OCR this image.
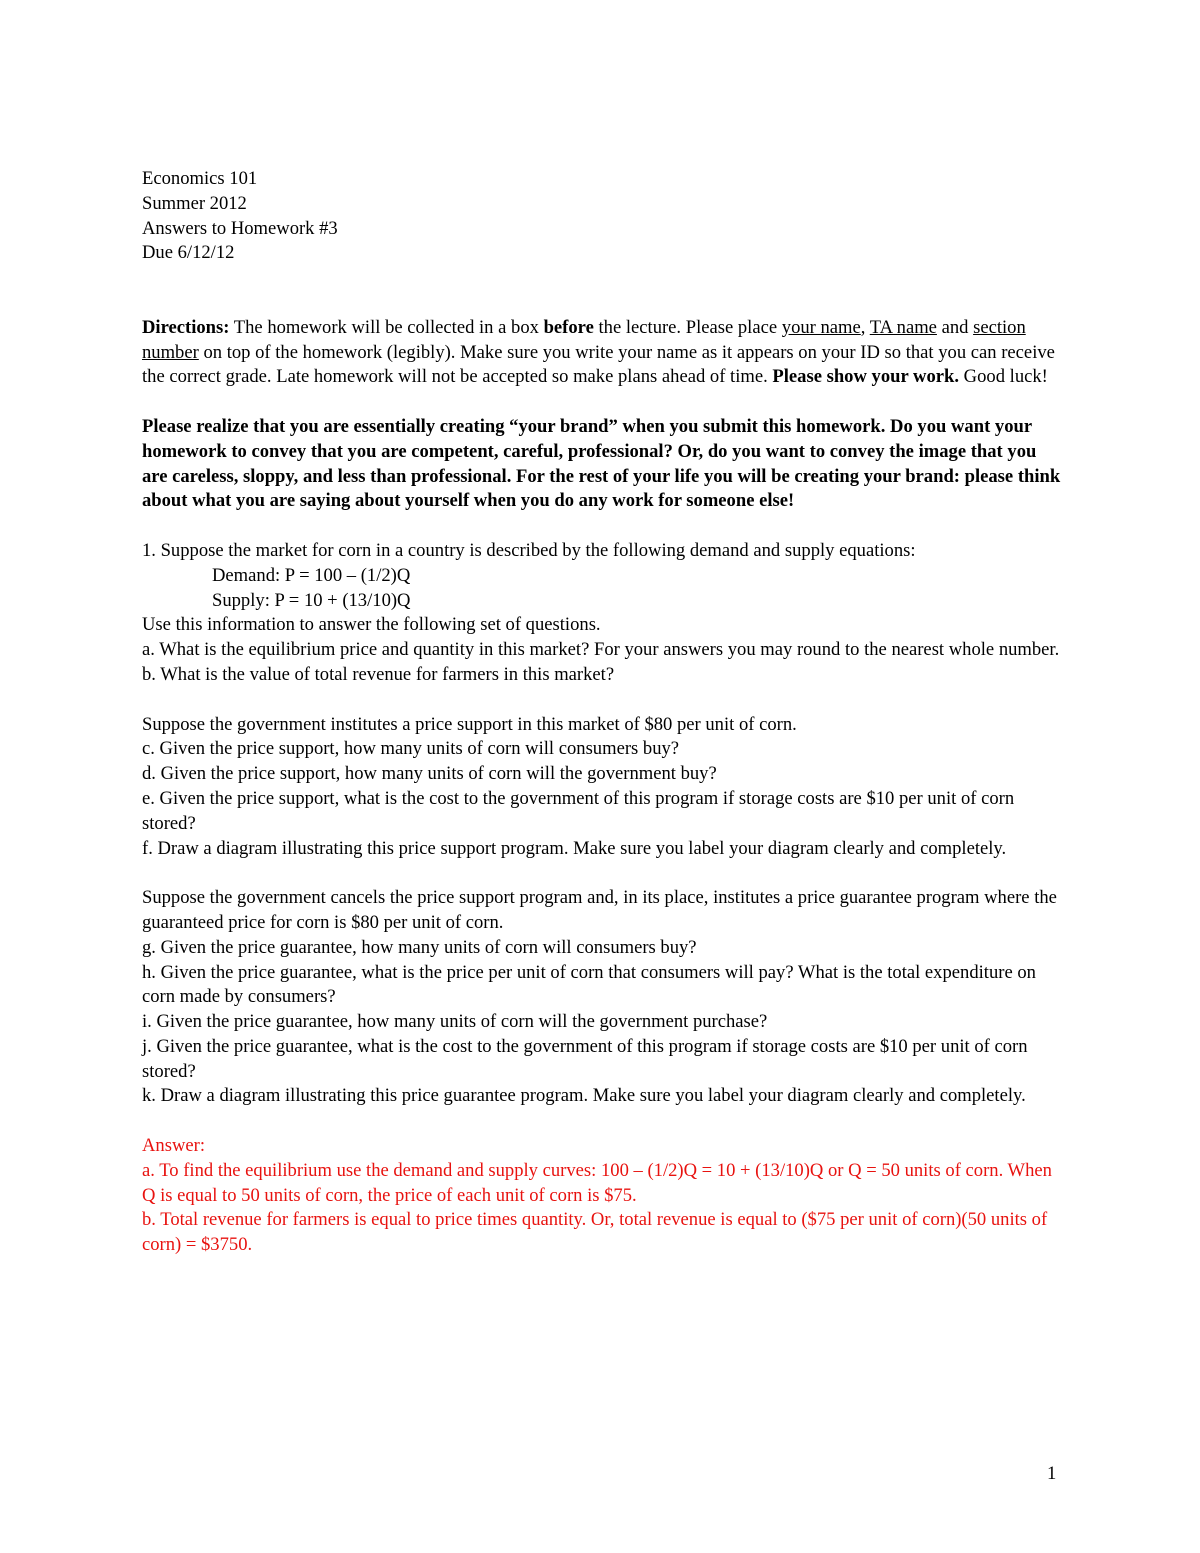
Economics 101

Summer 2012

Answers to Homework #3

Due 6/12/12

Directions: The homework will be collected in a box before the lecture. Please place your name, TA name and section number on top of the homework (legibly). Make sure you write your name as it appears on your ID so that you can receive the correct grade. Late homework will not be accepted so make plans ahead of time. Please show your work. Good luck!

Please realize that you are essentially creating “your brand” when you submit this homework. Do you want your homework to convey that you are competent, careful, professional? Or, do you want to convey the image that you are careless, sloppy, and less than professional. For the rest of your life you will be creating your brand: please think about what you are saying about yourself when you do any work for someone else!

1. Suppose the market for corn in a country is described by the following demand and supply equations:

Demand: P = 100 – (1/2)Q

Supply: P = 10 + (13/10)Q

Use this information to answer the following set of questions.

a. What is the equilibrium price and quantity in this market? For your answers you may round to the nearest whole number.

b. What is the value of total revenue for farmers in this market?

Suppose the government institutes a price support in this market of $80 per unit of corn.

c. Given the price support, how many units of corn will consumers buy?

d. Given the price support, how many units of corn will the government buy?

e. Given the price support, what is the cost to the government of this program if storage costs are $10 per unit of corn stored?

f. Draw a diagram illustrating this price support program. Make sure you label your diagram clearly and completely.

Suppose the government cancels the price support program and, in its place, institutes a price guarantee program where the guaranteed price for corn is $80 per unit of corn.

g. Given the price guarantee, how many units of corn will consumers buy?

h. Given the price guarantee, what is the price per unit of corn that consumers will pay? What is the total expenditure on corn made by consumers?

i. Given the price guarantee, how many units of corn will the government purchase?

j. Given the price guarantee, what is the cost to the government of this program if storage costs are $10 per unit of corn stored?

k. Draw a diagram illustrating this price guarantee program. Make sure you label your diagram clearly and completely.

Answer:

a. To find the equilibrium use the demand and supply curves: 100 – (1/2)Q = 10 + (13/10)Q or Q = 50 units of corn. When Q is equal to 50 units of corn, the price of each unit of corn is $75.

b. Total revenue for farmers is equal to price times quantity. Or, total revenue is equal to ($75 per unit of corn)(50 units of corn) = $3750.

1
